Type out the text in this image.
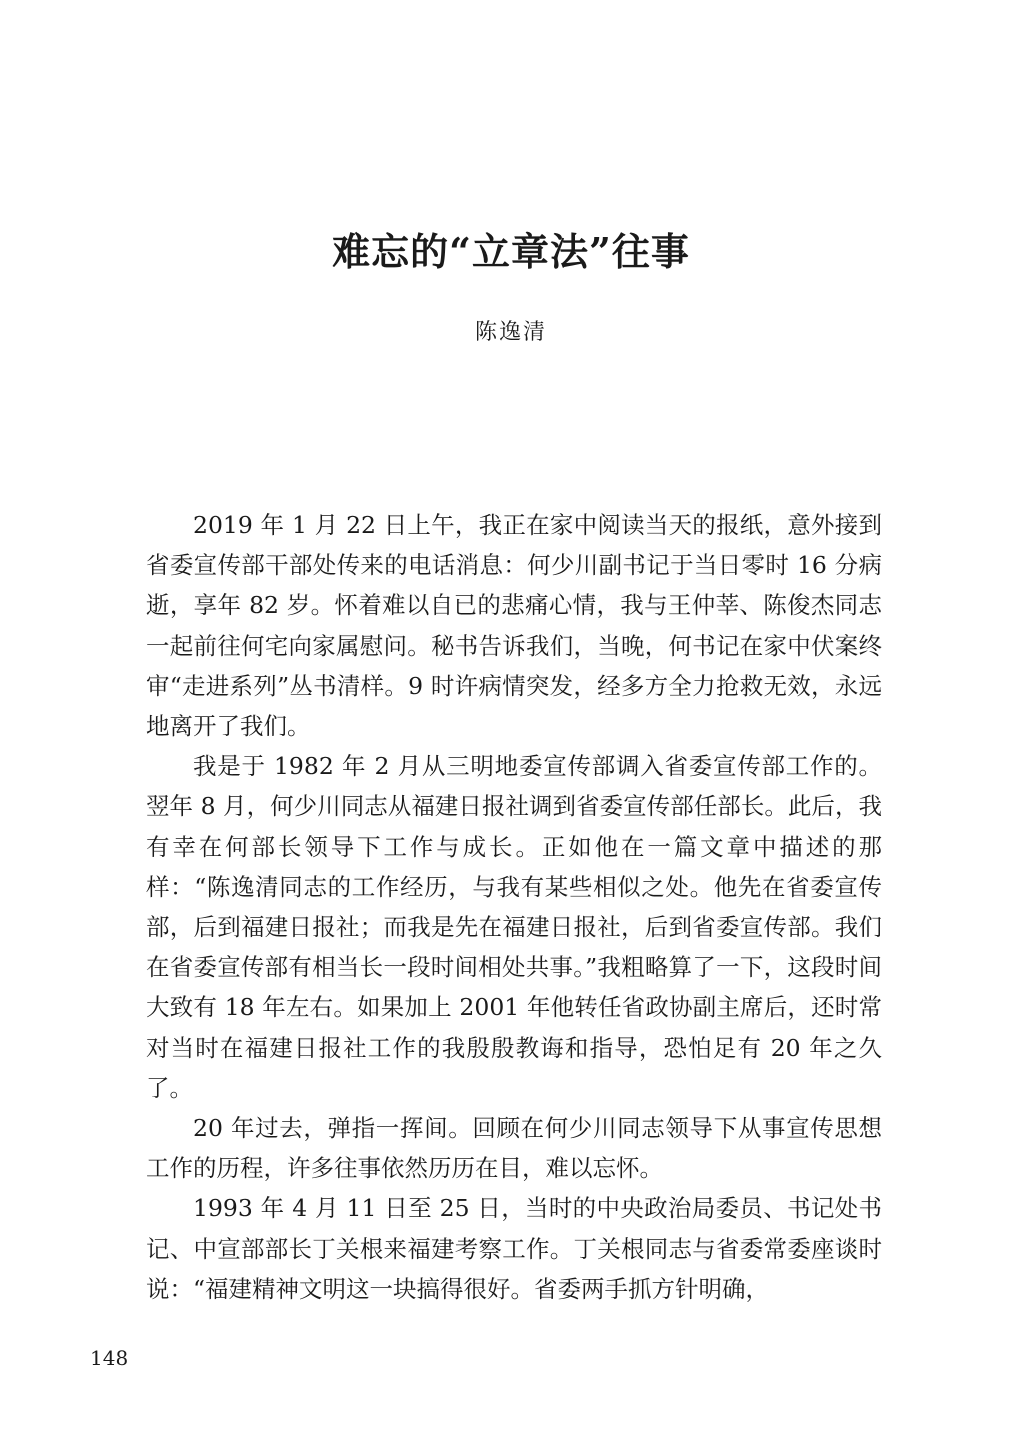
难忘的“立章法”往事
陈逸清

2019 年 1 月 22 日上午，我正在家中阅读当天的报纸，意外接到省委宣传部干部处传来的电话消息：何少川副书记于当日零时 16 分病逝，享年 82 岁。怀着难以自已的悲痛心情，我与王仲莘、陈俊杰同志一起前往何宅向家属慰问。秘书告诉我们，当晚，何书记在家中伏案终审“走进系列”丛书清样。9 时许病情突发，经多方全力抢救无效，永远地离开了我们。

我是于 1982 年 2 月从三明地委宣传部调入省委宣传部工作的。翌年 8 月，何少川同志从福建日报社调到省委宣传部任部长。此后，我有幸在何部长领导下工作与成长。正如他在一篇文章中描述的那样：“陈逸清同志的工作经历，与我有某些相似之处。他先在省委宣传部，后到福建日报社；而我是先在福建日报社，后到省委宣传部。我们在省委宣传部有相当长一段时间相处共事。”我粗略算了一下，这段时间大致有 18 年左右。如果加上 2001 年他转任省政协副主席后，还时常对当时在福建日报社工作的我殷殷教诲和指导，恐怕足有 20 年之久了。

20 年过去，弹指一挥间。回顾在何少川同志领导下从事宣传思想工作的历程，许多往事依然历历在目，难以忘怀。

1993 年 4 月 11 日至 25 日，当时的中央政治局委员、书记处书记、中宣部部长丁关根来福建考察工作。丁关根同志与省委常委座谈时说：“福建精神文明这一块搞得很好。省委两手抓方针明确，

148
